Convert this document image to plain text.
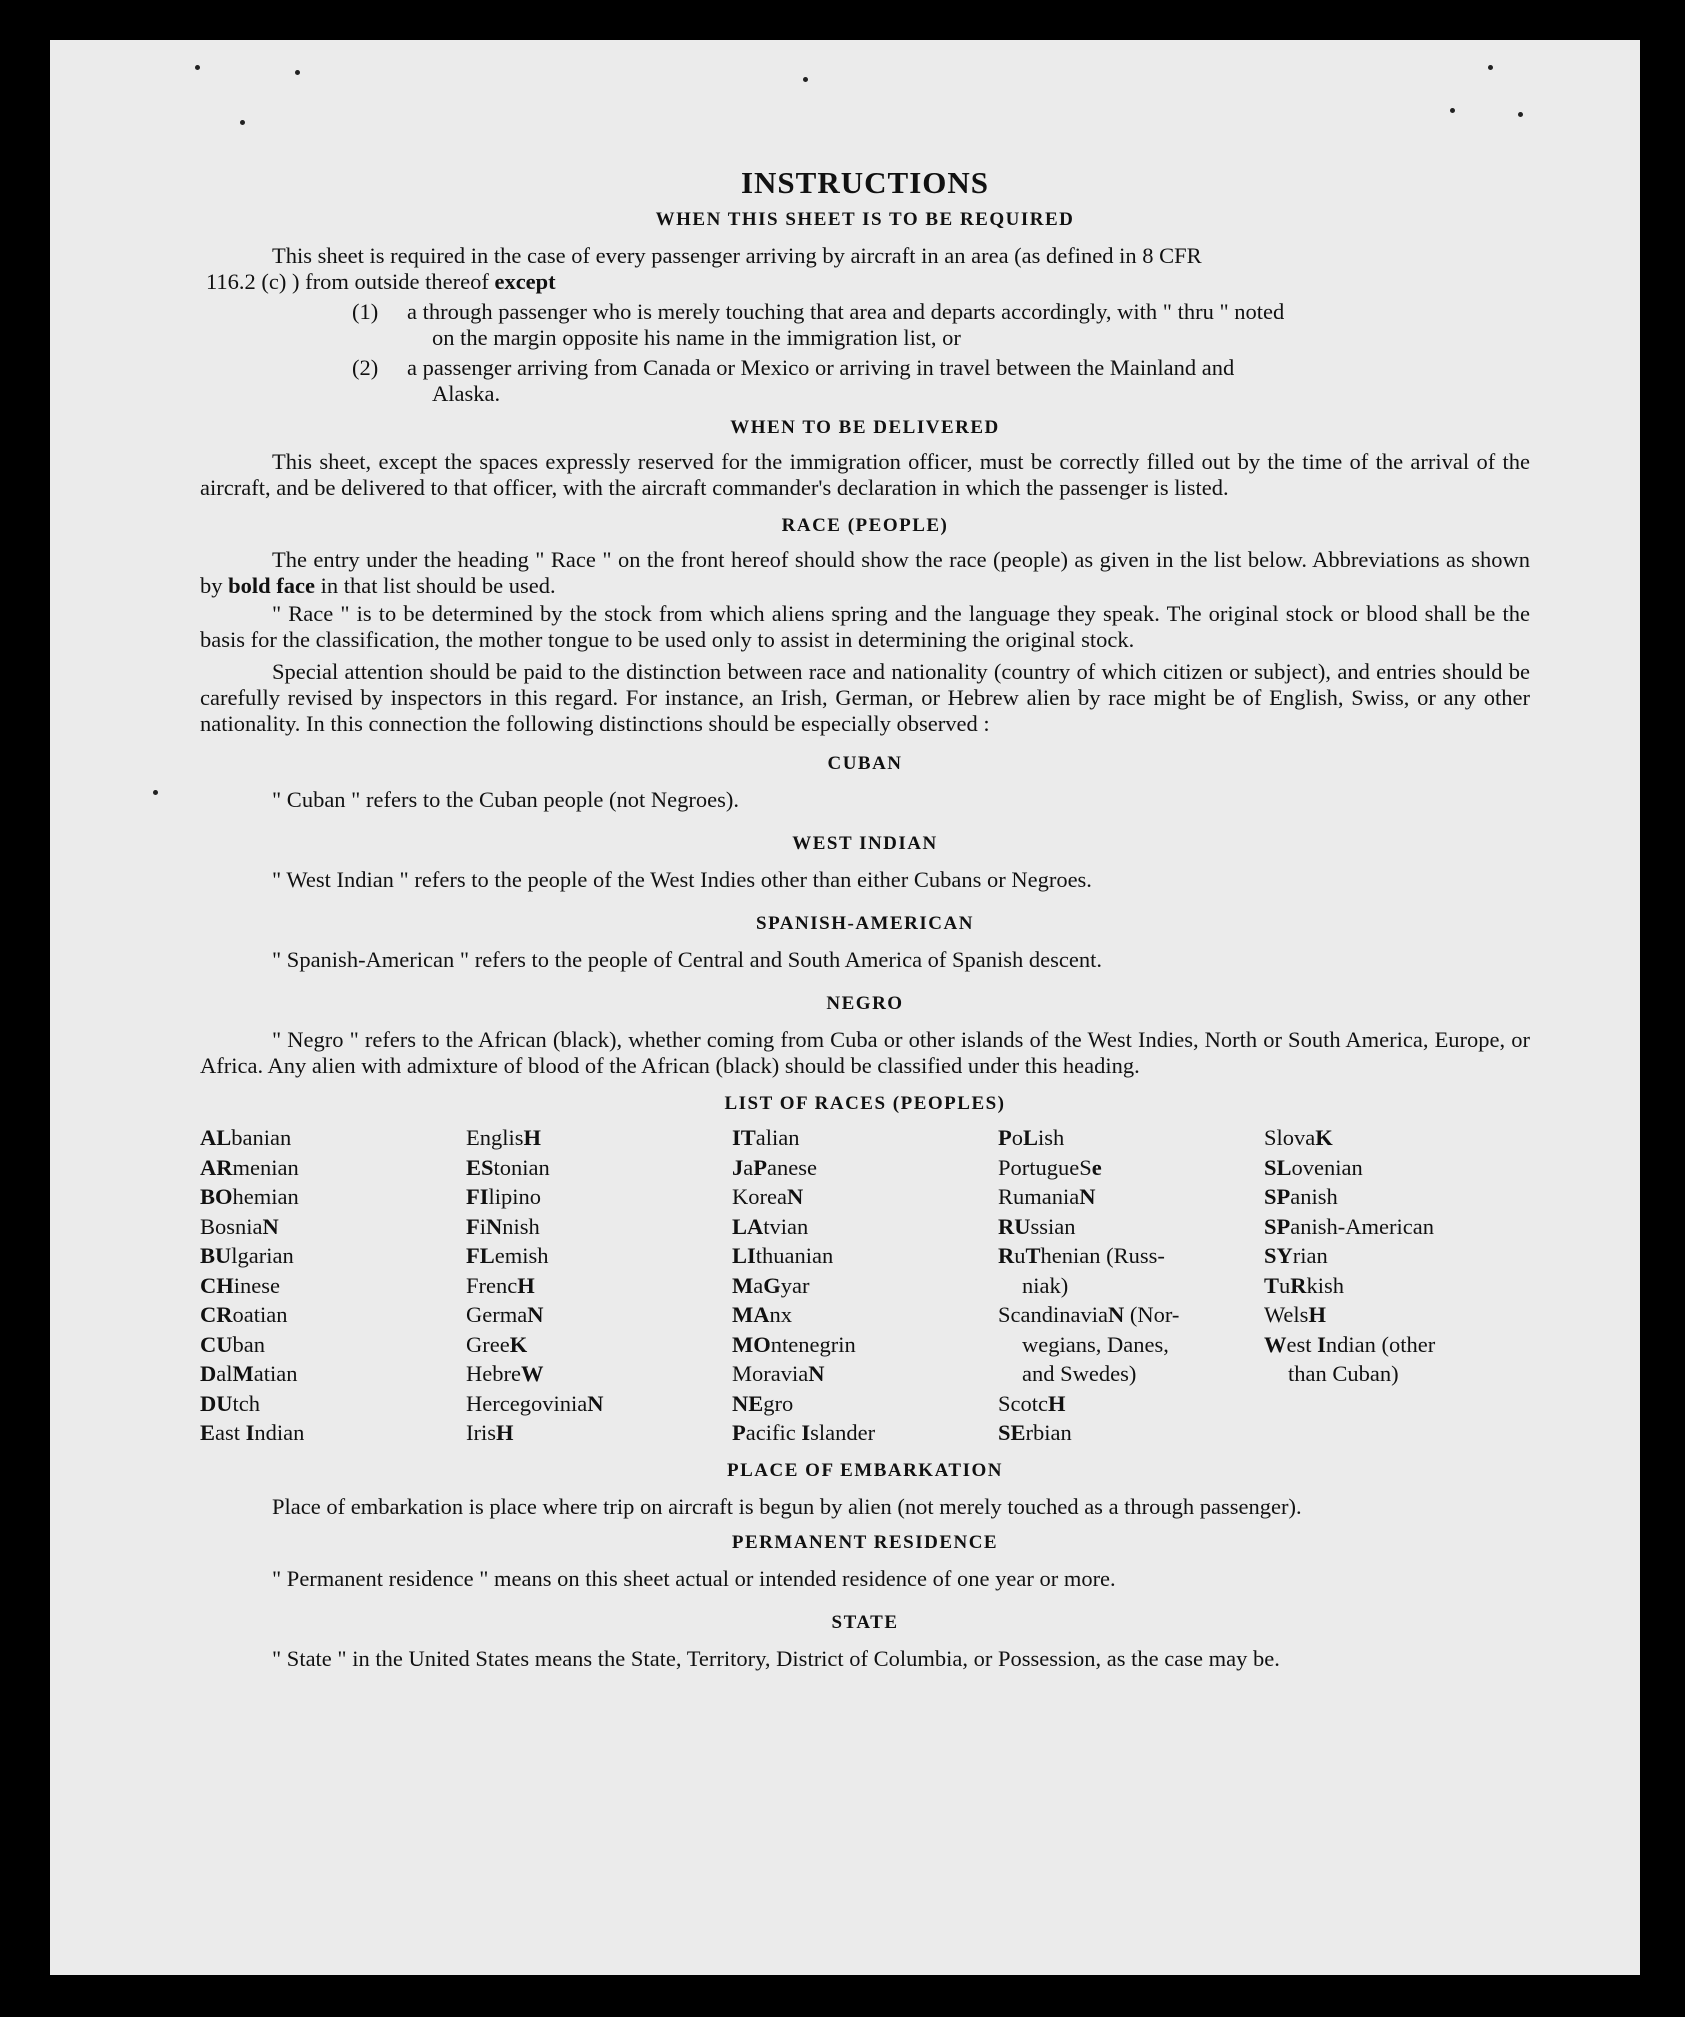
INSTRUCTIONS
WHEN THIS SHEET IS TO BE REQUIRED

This sheet is required in the case of every passenger arriving by aircraft in an area (as defined in 8 CFR

116.2 (c) ) from outside thereof except

(1) a through passenger who is merely touching that area and departs accordingly, with " thru " noted
on the margin opposite his name in the immigration list, or
(2) a passenger arriving from Canada or Mexico or arriving in travel between the Mainland and
Alaska.
WHEN TO BE DELIVERED

This sheet, except the spaces expressly reserved for the immigration officer, must be correctly filled out by the time of the arrival of the aircraft, and be delivered to that officer, with the aircraft commander's declaration in which the passenger is listed.

RACE (PEOPLE)

The entry under the heading " Race " on the front hereof should show the race (people) as given in the list below. Abbreviations as shown by bold face in that list should be used.

" Race " is to be determined by the stock from which aliens spring and the language they speak. The original stock or blood shall be the basis for the classification, the mother tongue to be used only to assist in determining the original stock.

Special attention should be paid to the distinction between race and nationality (country of which citizen or subject), and entries should be carefully revised by inspectors in this regard. For instance, an Irish, German, or Hebrew alien by race might be of English, Swiss, or any other nationality. In this connection the following distinctions should be especially observed :

CUBAN

" Cuban " refers to the Cuban people (not Negroes).

WEST INDIAN

" West Indian " refers to the people of the West Indies other than either Cubans or Negroes.

SPANISH-AMERICAN

" Spanish-American " refers to the people of Central and South America of Spanish descent.

NEGRO

" Negro " refers to the African (black), whether coming from Cuba or other islands of the West Indies, North or South America, Europe, or Africa. Any alien with admixture of blood of the African (black) should be classified under this heading.

LIST OF RACES (PEOPLES)
ALbanian
ARmenian
BOhemian
BosniaN
BUlgarian
CHinese
CRoatian
CUban
DalMatian
DUtch
East Indian
EnglisH
EStonian
FIlipino
FiNnish
FLemish
FrencH
GermaN
GreeK
HebreW
HercegoviniaN
IrisH
ITalian
JaPanese
KoreaN
LAtvian
LIthuanian
MaGyar
MAnx
MOntenegrin
MoraviaN
NEgro
Pacific Islander
PoLish
PortugueSe
RumaniaN
RUssian
RuThenian (Russ-
niak)
ScandinaviaN (Nor-
wegians, Danes,
and Swedes)
ScotcH
SErbian
SlovaK
SLovenian
SPanish
SPanish-American
SYrian
TuRkish
WelsH
West Indian (other
than Cuban)
PLACE OF EMBARKATION

Place of embarkation is place where trip on aircraft is begun by alien (not merely touched as a through passenger).

PERMANENT RESIDENCE

" Permanent residence " means on this sheet actual or intended residence of one year or more.

STATE

" State " in the United States means the State, Territory, District of Columbia, or Possession, as the case may be.
